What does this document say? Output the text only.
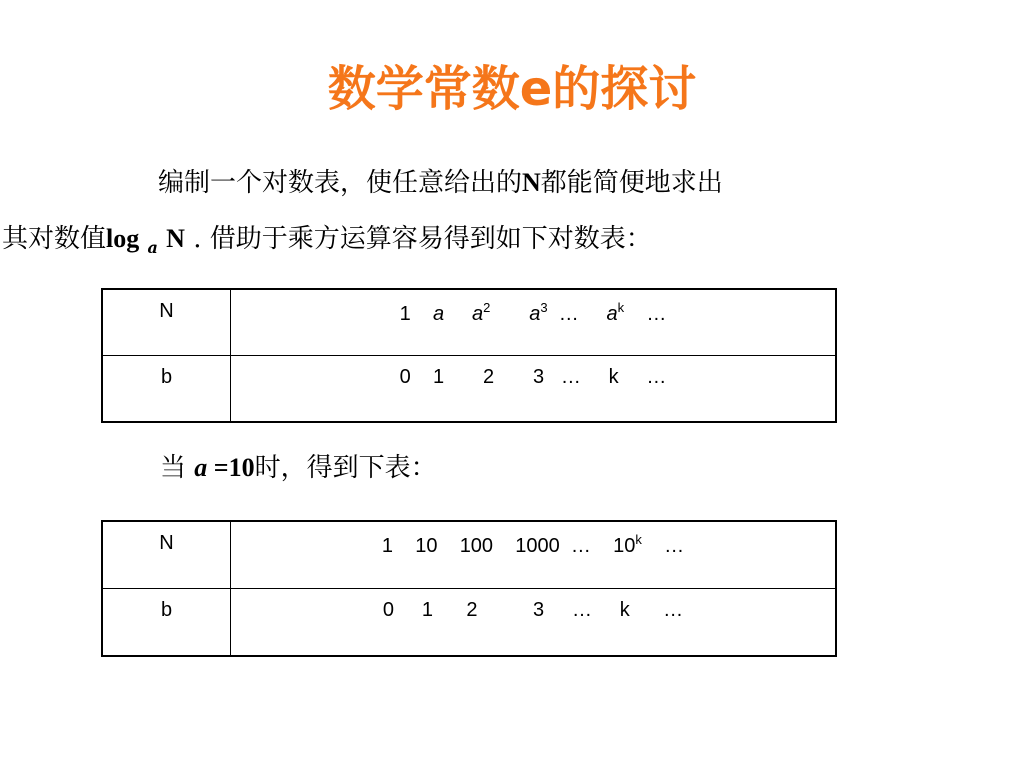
数学常数e的探讨
编制一个对数表，使任意给出的N都能简便地求出
其对数值log $_a$ N . 借助于乘方运算容易得到如下对数表：
N	1 a $a^2$ $a^3$ … $a^k$ …
b	0 1 2 3 … k …
当 a =10时，得到下表：
N	1 10 100 1000 … 10$^k$ …
b	0 1 2 3 … k …
